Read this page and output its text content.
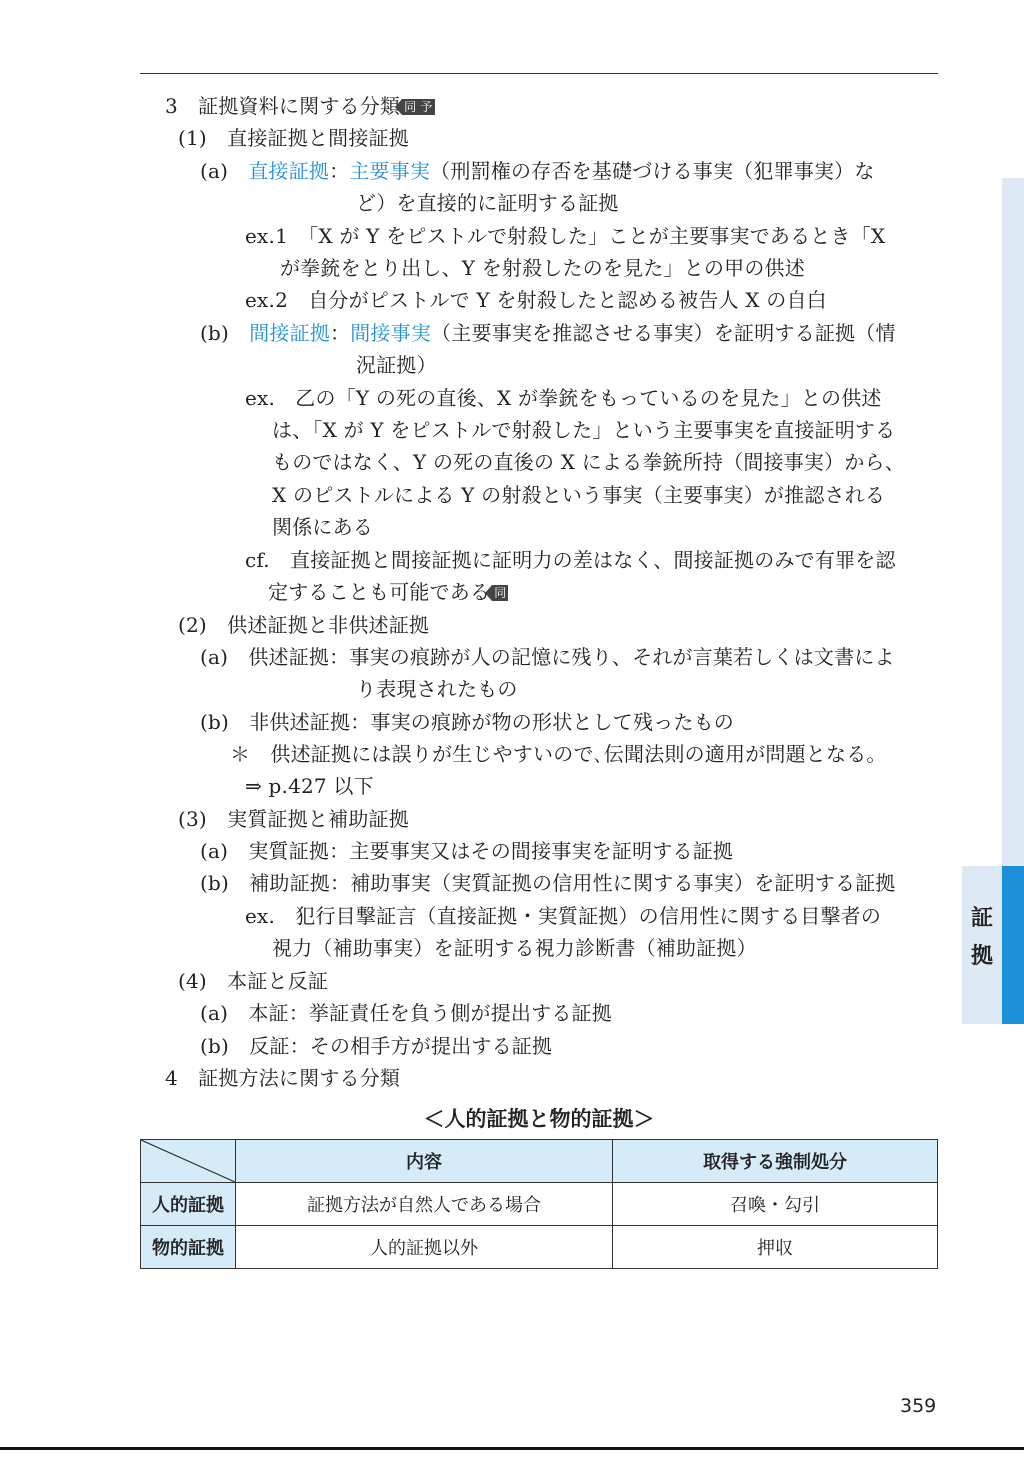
3　証拠資料に関する分類 同 予
(1)　直接証拠と間接証拠
(a)　直接証拠：主要事実（刑罰権の存否を基礎づける事実（犯罪事実）な
ど）を直接的に証明する証拠
ex.1　「X が Y をピストルで射殺した」ことが主要事実であるとき「X
が拳銃をとり出し、Y を射殺したのを見た」との甲の供述
ex.2　自分がピストルで Y を射殺したと認める被告人 X の自白
(b)　間接証拠：間接事実（主要事実を推認させる事実）を証明する証拠（情
況証拠）
ex.　乙の「Y の死の直後、X が拳銃をもっているのを見た」との供述
は、「X が Y をピストルで射殺した」という主要事実を直接証明する
ものではなく、Y の死の直後の X による拳銃所持（間接事実）から、
X のピストルによる Y の射殺という事実（主要事実）が推認される
関係にある
cf.　直接証拠と間接証拠に証明力の差はなく、間接証拠のみで有罪を認
定することも可能である 同
(2)　供述証拠と非供述証拠
(a)　供述証拠：事実の痕跡が人の記憶に残り、それが言葉若しくは文書によ
り表現されたもの
(b)　非供述証拠：事実の痕跡が物の形状として残ったもの
＊　供述証拠には誤りが生じやすいので､伝聞法則の適用が問題となる。
⇒ p.427 以下
(3)　実質証拠と補助証拠
(a)　実質証拠：主要事実又はその間接事実を証明する証拠
(b)　補助証拠：補助事実（実質証拠の信用性に関する事実）を証明する証拠
ex.　犯行目撃証言（直接証拠・実質証拠）の信用性に関する目撃者の
視力（補助事実）を証明する視力診断書（補助証拠）
(4)　本証と反証
(a)　本証：挙証責任を負う側が提出する証拠
(b)　反証：その相手方が提出する証拠
4　証拠方法に関する分類
証
拠
＜人的証拠と物的証拠＞
	内容	取得する強制処分
人的証拠	証拠方法が自然人である場合	召喚・勾引
物的証拠	人的証拠以外	押収
359
